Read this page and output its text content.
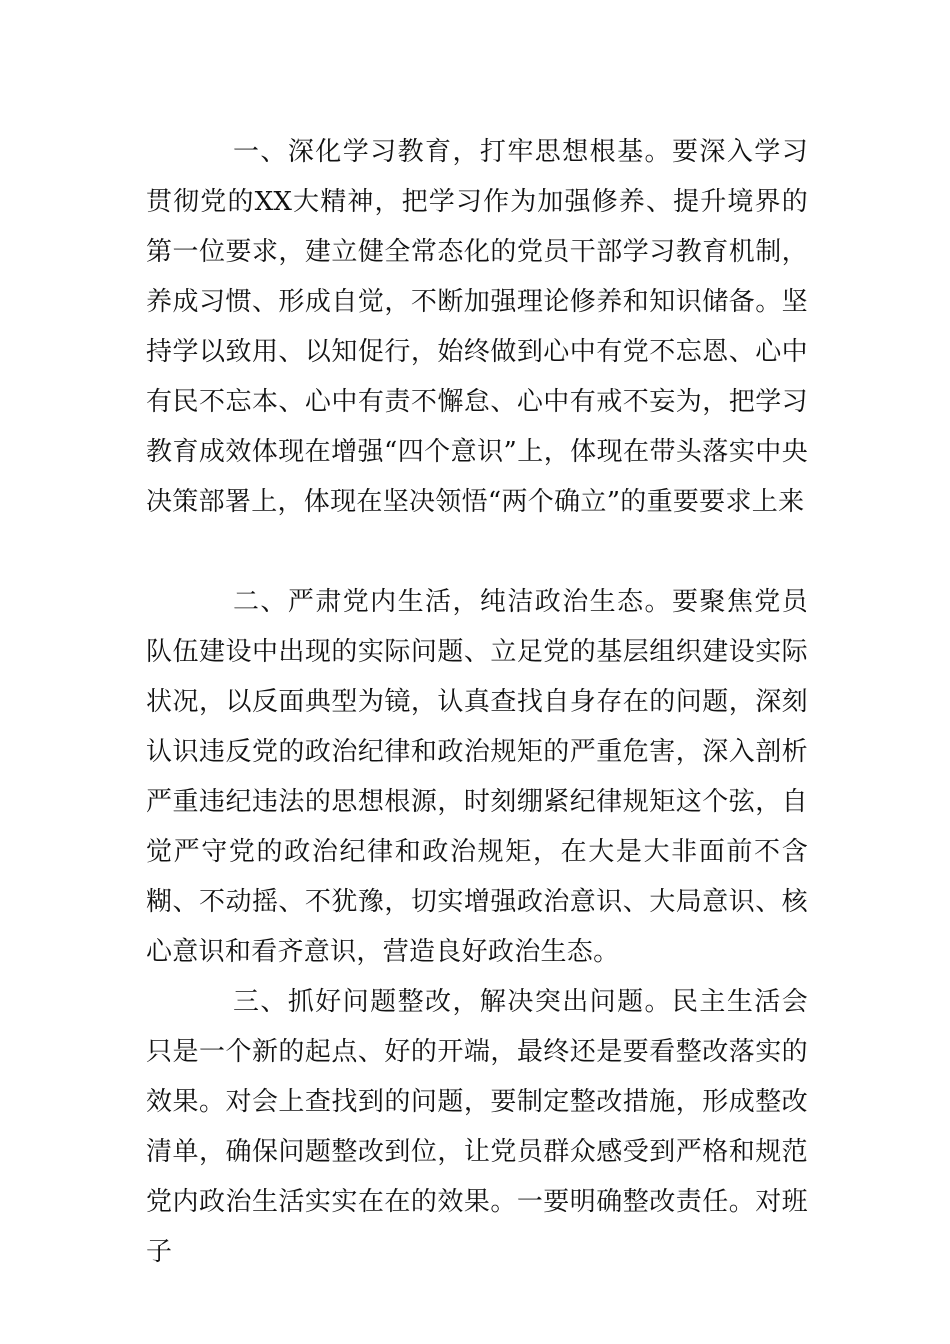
一、深化学习教育，打牢思想根基。要深入学习贯彻党的XX大精神，把学习作为加强修养、提升境界的第一位要求，建立健全常态化的党员干部学习教育机制，养成习惯、形成自觉，不断加强理论修养和知识储备。坚持学以致用、以知促行，始终做到心中有党不忘恩、心中有民不忘本、心中有责不懈怠、心中有戒不妄为，把学习教育成效体现在增强“四个意识”上，体现在带头落实中央决策部署上，体现在坚决领悟“两个确立”的重要要求上来

二、严肃党内生活，纯洁政治生态。要聚焦党员队伍建设中出现的实际问题、立足党的基层组织建设实际状况，以反面典型为镜，认真查找自身存在的问题，深刻认识违反党的政治纪律和政治规矩的严重危害，深入剖析严重违纪违法的思想根源，时刻绷紧纪律规矩这个弦，自觉严守党的政治纪律和政治规矩，在大是大非面前不含糊、不动摇、不犹豫，切实增强政治意识、大局意识、核心意识和看齐意识，营造良好政治生态。

三、抓好问题整改，解决突出问题。民主生活会只是一个新的起点、好的开端，最终还是要看整改落实的效果。对会上查找到的问题，要制定整改措施，形成整改清单，确保问题整改到位，让党员群众感受到严格和规范党内政治生活实实在在的效果。一要明确整改责任。对班子
